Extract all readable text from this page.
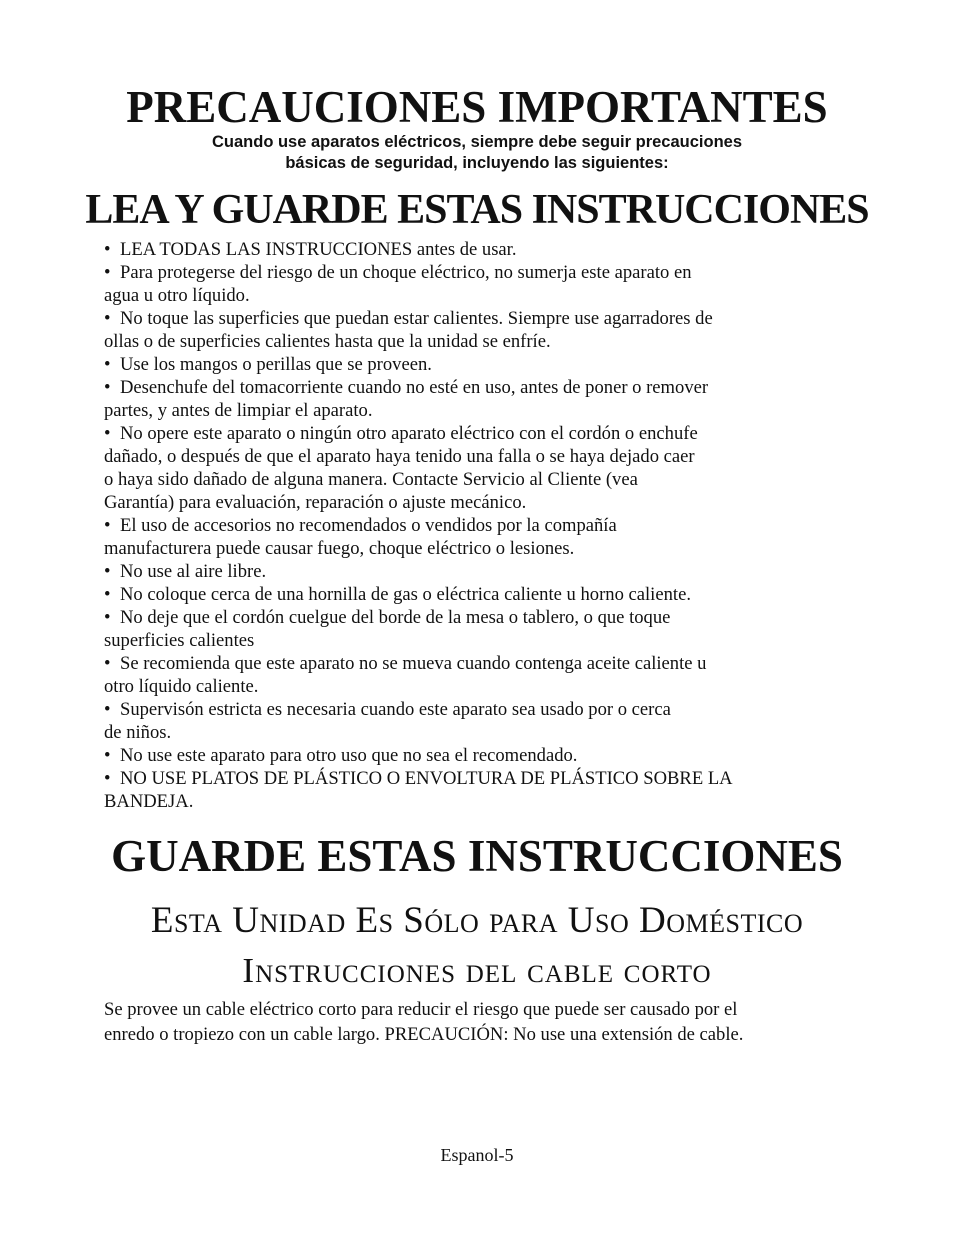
PRECAUCIONES IMPORTANTES
Cuando use aparatos eléctricos, siempre debe seguir precauciones
básicas de seguridad, incluyendo las siguientes:
LEA Y GUARDE ESTAS INSTRUCCIONES
• LEA TODAS LAS INSTRUCCIONES antes de usar.
• Para protegerse del riesgo de un choque eléctrico, no sumerja este aparato en
agua u otro líquido.
• No toque las superficies que puedan estar calientes. Siempre use agarradores de
ollas o de superficies calientes hasta que la unidad se enfríe.
• Use los mangos o perillas que se proveen.
• Desenchufe del tomacorriente cuando no esté en uso, antes de poner o remover
partes, y antes de limpiar el aparato.
• No opere este aparato o ningún otro aparato eléctrico con el cordón o enchufe
dañado, o después de que el aparato haya tenido una falla o se haya dejado caer
o haya sido dañado de alguna manera. Contacte Servicio al Cliente (vea
Garantía) para evaluación, reparación o ajuste mecánico.
• El uso de accesorios no recomendados o vendidos por la compañía
manufacturera puede causar fuego, choque eléctrico o lesiones.
• No use al aire libre.
• No coloque cerca de una hornilla de gas o eléctrica caliente u horno caliente.
• No deje que el cordón cuelgue del borde de la mesa o tablero, o que toque
superficies calientes
• Se recomienda que este aparato no se mueva cuando contenga aceite caliente u
otro líquido caliente.
• Supervisón estricta es necesaria cuando este aparato sea usado por o cerca
de niños.
• No use este aparato para otro uso que no sea el recomendado.
• NO USE PLATOS DE PLÁSTICO O ENVOLTURA DE PLÁSTICO SOBRE LA
BANDEJA.
GUARDE ESTAS INSTRUCCIONES
Esta Unidad Es Sólo para Uso Doméstico
Instrucciones del cable corto
Se provee un cable eléctrico corto para reducir el riesgo que puede ser causado por el
enredo o tropiezo con un cable largo. PRECAUCIÓN: No use una extensión de cable.
Espanol-5
